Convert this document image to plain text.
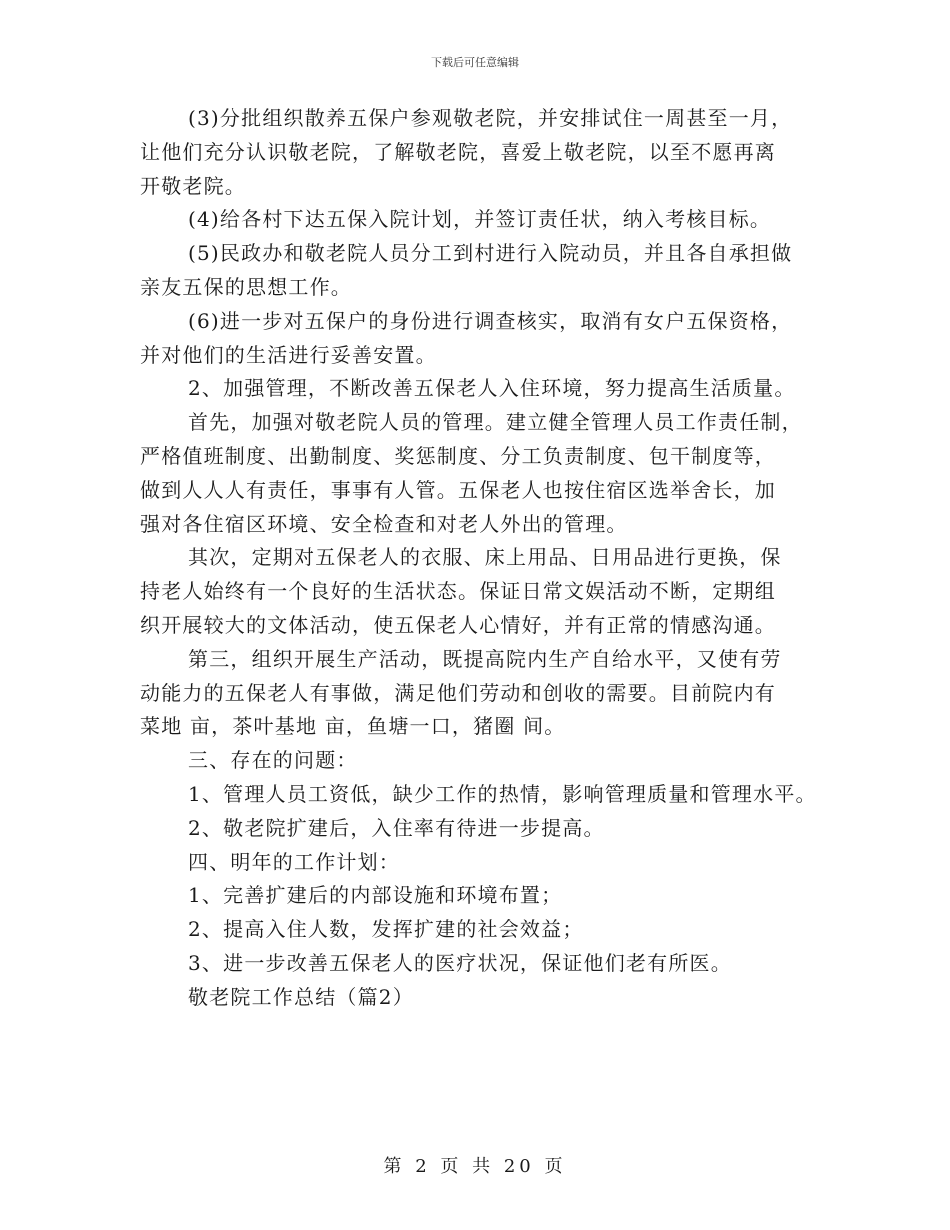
下载后可任意编辑
(3)分批组织散养五保户参观敬老院，并安排试住一周甚至一月，
让他们充分认识敬老院，了解敬老院，喜爱上敬老院，以至不愿再离
开敬老院。
(4)给各村下达五保入院计划，并签订责任状，纳入考核目标。
(5)民政办和敬老院人员分工到村进行入院动员，并且各自承担做
亲友五保的思想工作。
(6)进一步对五保户的身份进行调查核实，取消有女户五保资格，
并对他们的生活进行妥善安置。
2、加强管理，不断改善五保老人入住环境，努力提高生活质量。
首先，加强对敬老院人员的管理。建立健全管理人员工作责任制，
严格值班制度、出勤制度、奖惩制度、分工负责制度、包干制度等，
做到人人人有责任，事事有人管。五保老人也按住宿区选举舍长，加
强对各住宿区环境、安全检查和对老人外出的管理。
其次，定期对五保老人的衣服、床上用品、日用品进行更换，保
持老人始终有一个良好的生活状态。保证日常文娱活动不断，定期组
织开展较大的文体活动，使五保老人心情好，并有正常的情感沟通。
第三，组织开展生产活动，既提高院内生产自给水平，又使有劳
动能力的五保老人有事做，满足他们劳动和创收的需要。目前院内有
菜地 亩，茶叶基地 亩，鱼塘一口，猪圈 间。
三、存在的问题：
1、管理人员工资低，缺少工作的热情，影响管理质量和管理水平。
2、敬老院扩建后，入住率有待进一步提高。
四、明年的工作计划：
1、完善扩建后的内部设施和环境布置；
2、提高入住人数，发挥扩建的社会效益；
3、进一步改善五保老人的医疗状况，保证他们老有所医。
敬老院工作总结（篇2）
第 2 页 共 20 页
